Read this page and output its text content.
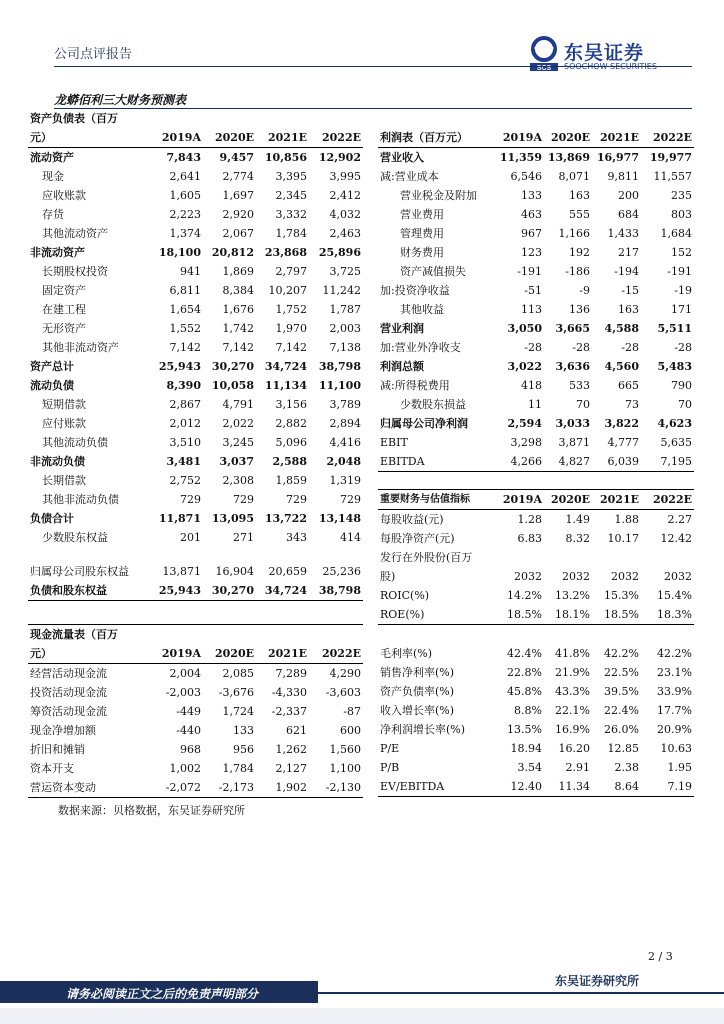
公司点评报告
SCS
东吴证券
SOOCHOW SECURITIES
龙蟒佰利三大财务预测表
资产负债表（百万				
元）	2019A	2020E	2021E	2022E
流动资产	7,843	9,457	10,856	12,902
现金	2,641	2,774	3,395	3,995
应收账款	1,605	1,697	2,345	2,412
存货	2,223	2,920	3,332	4,032
其他流动资产	1,374	2,067	1,784	2,463
非流动资产	18,100	20,812	23,868	25,896
长期股权投资	941	1,869	2,797	3,725
固定资产	6,811	8,384	10,207	11,242
在建工程	1,654	1,676	1,752	1,787
无形资产	1,552	1,742	1,970	2,003
其他非流动资产	7,142	7,142	7,142	7,138
资产总计	25,943	30,270	34,724	38,798
流动负债	8,390	10,058	11,134	11,100
短期借款	2,867	4,791	3,156	3,789
应付账款	2,012	2,022	2,882	2,894
其他流动负债	3,510	3,245	5,096	4,416
非流动负债	3,481	3,037	2,588	2,048
长期借款	2,752	2,308	1,859	1,319
其他非流动负债	729	729	729	729
负债合计	11,871	13,095	13,722	13,148
少数股东权益	201	271	343	414

归属母公司股东权益	13,871	16,904	20,659	25,236
负债和股东权益	25,943	30,270	34,724	38,798
利润表（百万元）	2019A	2020E	2021E	2022E
营业收入	11,359	13,869	16,977	19,977
减:营业成本	6,546	8,071	9,811	11,557
营业税金及附加	133	163	200	235
营业费用	463	555	684	803
管理费用	967	1,166	1,433	1,684
财务费用	123	192	217	152
资产减值损失	-191	-186	-194	-191
加:投资净收益	-51	-9	-15	-19
其他收益	113	136	163	171
营业利润	3,050	3,665	4,588	5,511
加:营业外净收支	-28	-28	-28	-28
利润总额	3,022	3,636	4,560	5,483
减:所得税费用	418	533	665	790
少数股东损益	11	70	73	70
归属母公司净利润	2,594	3,033	3,822	4,623
EBIT	3,298	3,871	4,777	5,635
EBITDA	4,266	4,827	6,039	7,195
重要财务与估值指标	2019A	2020E	2021E	2022E
每股收益(元)	1.28	1.49	1.88	2.27
每股净资产(元)	6.83	8.32	10.17	12.42
发行在外股份(百万				
股)	2032	2032	2032	2032
ROIC(%)	14.2%	13.2%	15.3%	15.4%
ROE(%)	18.5%	18.1%	18.5%	18.3%

毛利率(%)	42.4%	41.8%	42.2%	42.2%
销售净利率(%)	22.8%	21.9%	22.5%	23.1%
资产负债率(%)	45.8%	43.3%	39.5%	33.9%
收入增长率(%)	8.8%	22.1%	22.4%	17.7%
净利润增长率(%)	13.5%	16.9%	26.0%	20.9%
P/E	18.94	16.20	12.85	10.63
P/B	3.54	2.91	2.38	1.95
EV/EBITDA	12.40	11.34	8.64	7.19
现金流量表（百万				
元）	2019A	2020E	2021E	2022E
经营活动现金流	2,004	2,085	7,289	4,290
投资活动现金流	-2,003	-3,676	-4,330	-3,603
筹资活动现金流	-449	1,724	-2,337	-87
现金净增加额	-440	133	621	600
折旧和摊销	968	956	1,262	1,560
资本开支	1,002	1,784	2,127	1,100
营运资本变动	-2,072	-2,173	1,902	-2,130
数据来源：贝格数据，东吴证券研究所
2 / 3
请务必阅读正文之后的免责声明部分
东吴证券研究所
